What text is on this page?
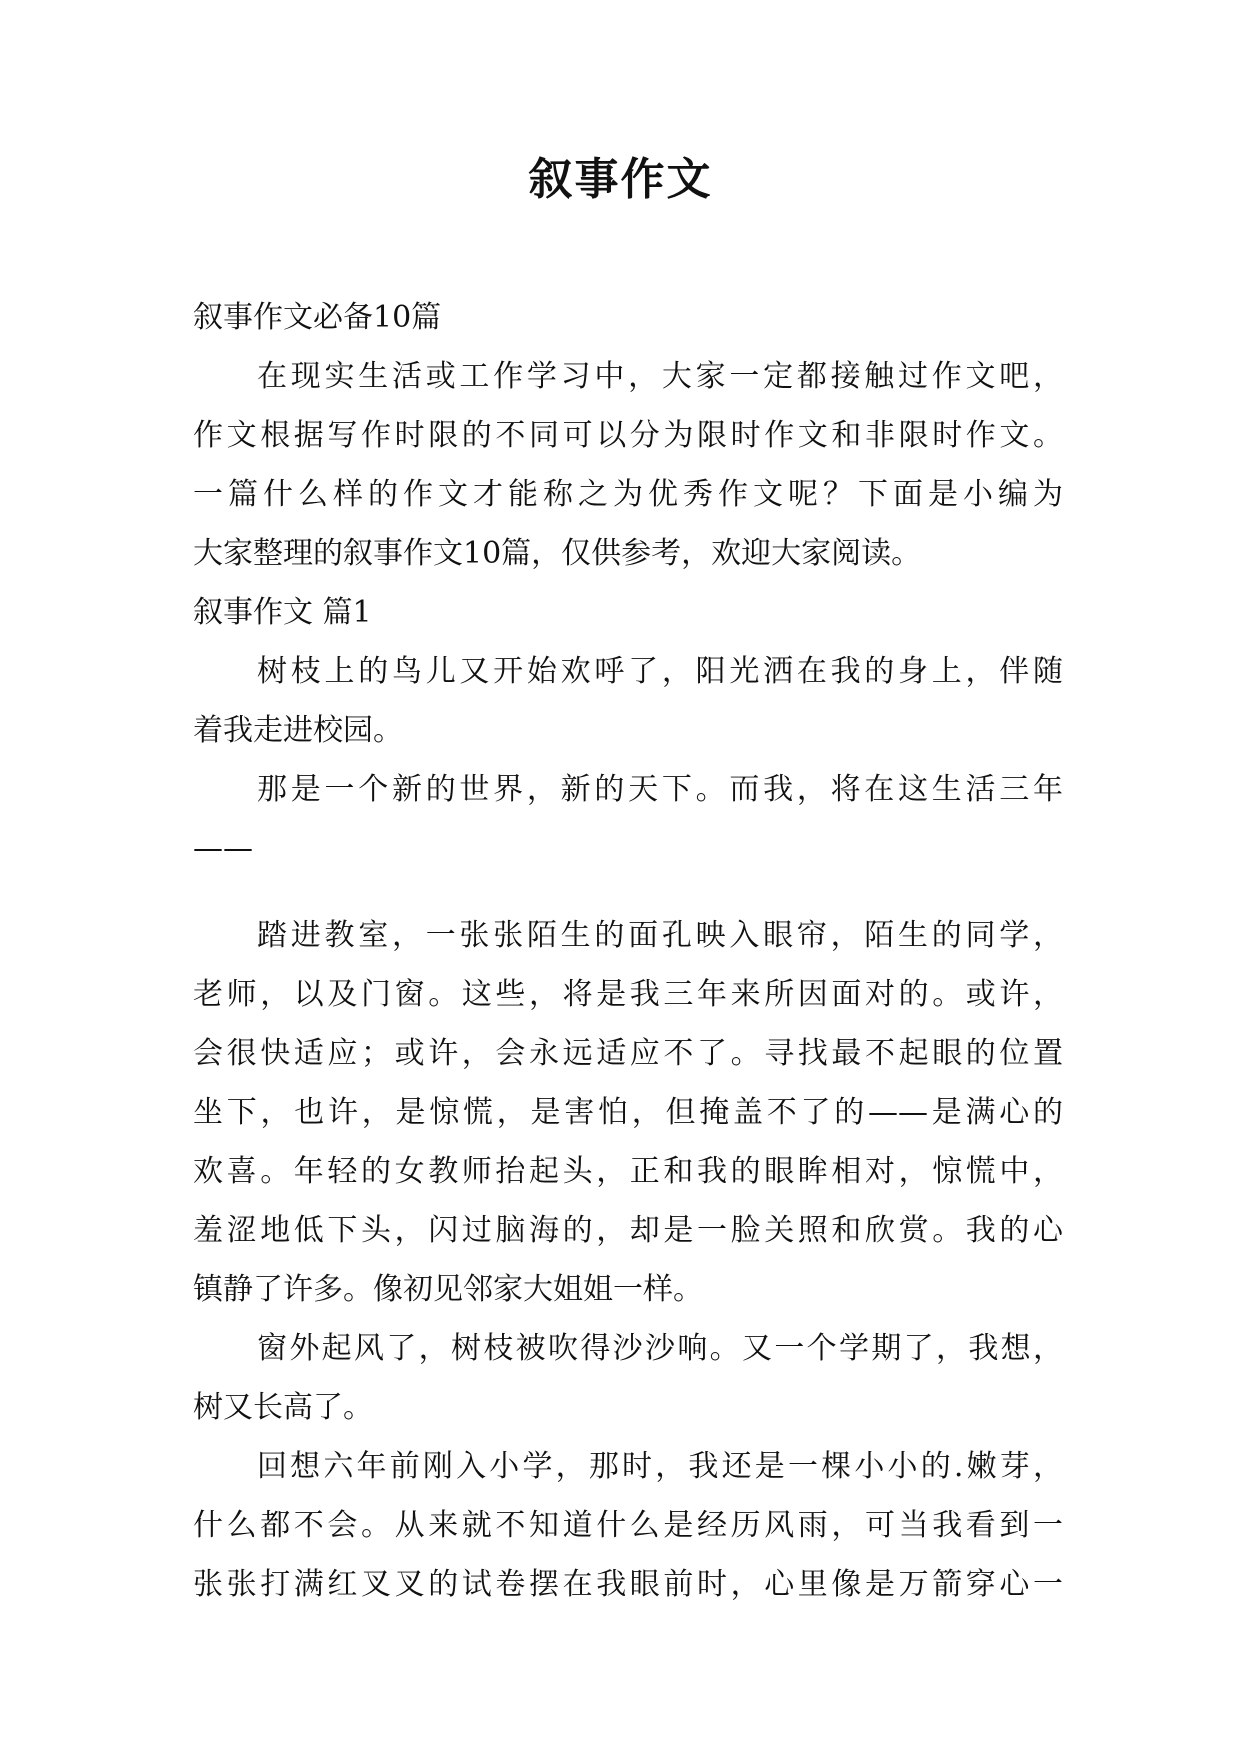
叙事作文
叙事作文必备10篇
在现实生活或工作学习中，大家一定都接触过作文吧，
作文根据写作时限的不同可以分为限时作文和非限时作文。
一篇什么样的作文才能称之为优秀作文呢？下面是小编为
大家整理的叙事作文10篇，仅供参考，欢迎大家阅读。
叙事作文 篇1
树枝上的鸟儿又开始欢呼了，阳光洒在我的身上，伴随
着我走进校园。
那是一个新的世界，新的天下。而我，将在这生活三年
——
踏进教室，一张张陌生的面孔映入眼帘，陌生的同学，
老师，以及门窗。这些，将是我三年来所因面对的。或许，
会很快适应；或许，会永远适应不了。寻找最不起眼的位置
坐下，也许，是惊慌，是害怕，但掩盖不了的——是满心的
欢喜。年轻的女教师抬起头，正和我的眼眸相对，惊慌中，
羞涩地低下头，闪过脑海的，却是一脸关照和欣赏。我的心
镇静了许多。像初见邻家大姐姐一样。
窗外起风了，树枝被吹得沙沙响。又一个学期了，我想，
树又长高了。
回想六年前刚入小学，那时，我还是一棵小小的.嫩芽，
什么都不会。从来就不知道什么是经历风雨，可当我看到一
张张打满红叉叉的试卷摆在我眼前时，心里像是万箭穿心一
